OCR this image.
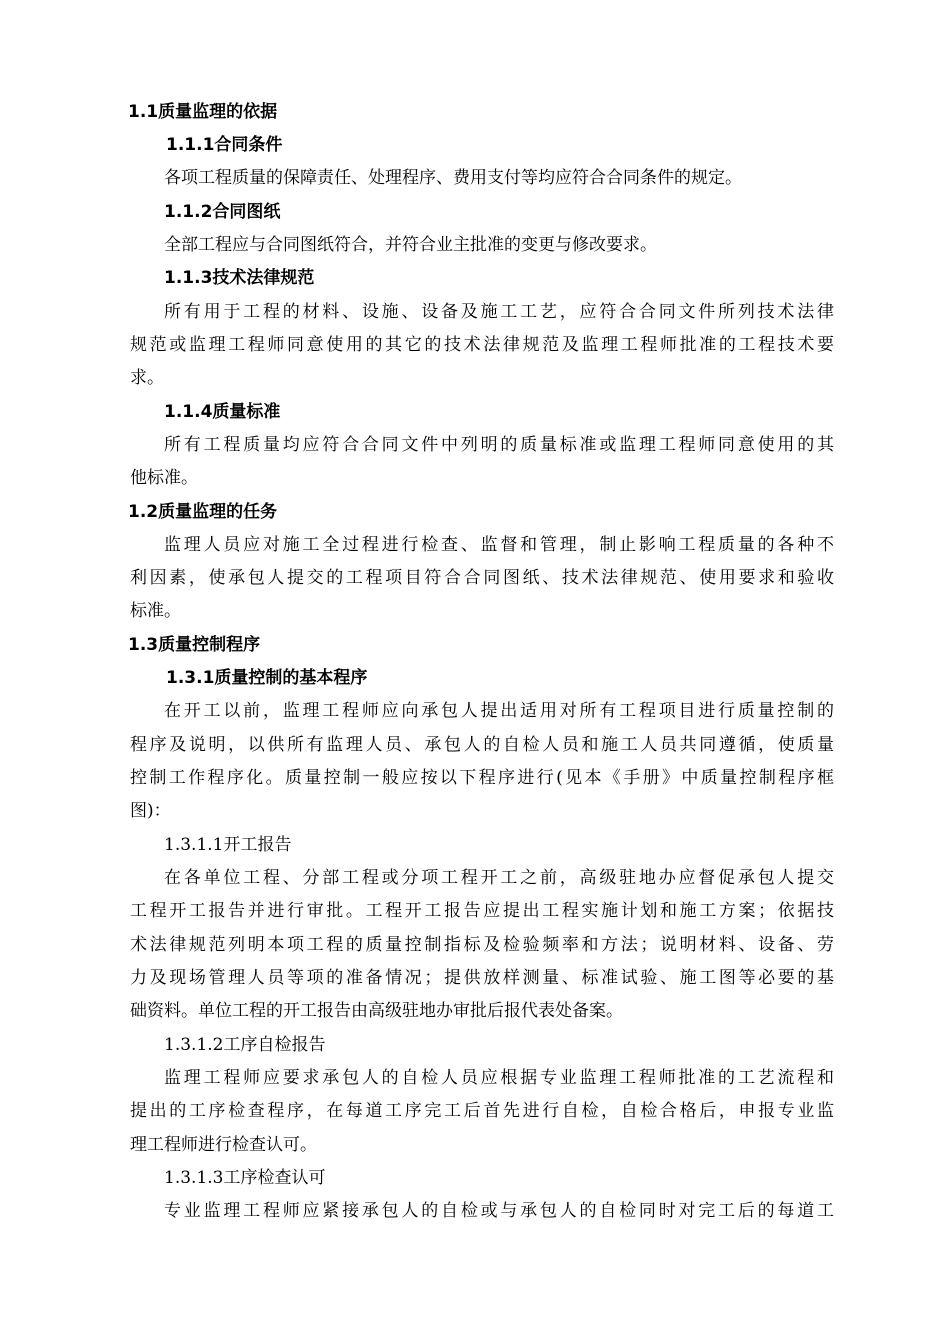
1.1质量监理的依据
1.1.1合同条件
各项工程质量的保障责任、处理程序、费用支付等均应符合合同条件的规定。
1.1.2合同图纸
全部工程应与合同图纸符合，并符合业主批准的变更与修改要求。
1.1.3技术法律规范
所有用于工程的材料、设施、设备及施工工艺，应符合合同文件所列技术法律
规范或监理工程师同意使用的其它的技术法律规范及监理工程师批准的工程技术要
求。
1.1.4质量标准
所有工程质量均应符合合同文件中列明的质量标准或监理工程师同意使用的其
他标准。
1.2质量监理的任务
监理人员应对施工全过程进行检查、监督和管理，制止影响工程质量的各种不
利因素，使承包人提交的工程项目符合合同图纸、技术法律规范、使用要求和验收
标准。
1.3质量控制程序
1.3.1质量控制的基本程序
在开工以前，监理工程师应向承包人提出适用对所有工程项目进行质量控制的
程序及说明，以供所有监理人员、承包人的自检人员和施工人员共同遵循，使质量
控制工作程序化。质量控制一般应按以下程序进行(见本《手册》中质量控制程序框
图)：
1.3.1.1开工报告
在各单位工程、分部工程或分项工程开工之前，高级驻地办应督促承包人提交
工程开工报告并进行审批。工程开工报告应提出工程实施计划和施工方案；依据技
术法律规范列明本项工程的质量控制指标及检验频率和方法；说明材料、设备、劳
力及现场管理人员等项的准备情况；提供放样测量、标准试验、施工图等必要的基
础资料。单位工程的开工报告由高级驻地办审批后报代表处备案。
1.3.1.2工序自检报告
监理工程师应要求承包人的自检人员应根据专业监理工程师批准的工艺流程和
提出的工序检查程序，在每道工序完工后首先进行自检，自检合格后，申报专业监
理工程师进行检查认可。
1.3.1.3工序检查认可
专业监理工程师应紧接承包人的自检或与承包人的自检同时对完工后的每道工
